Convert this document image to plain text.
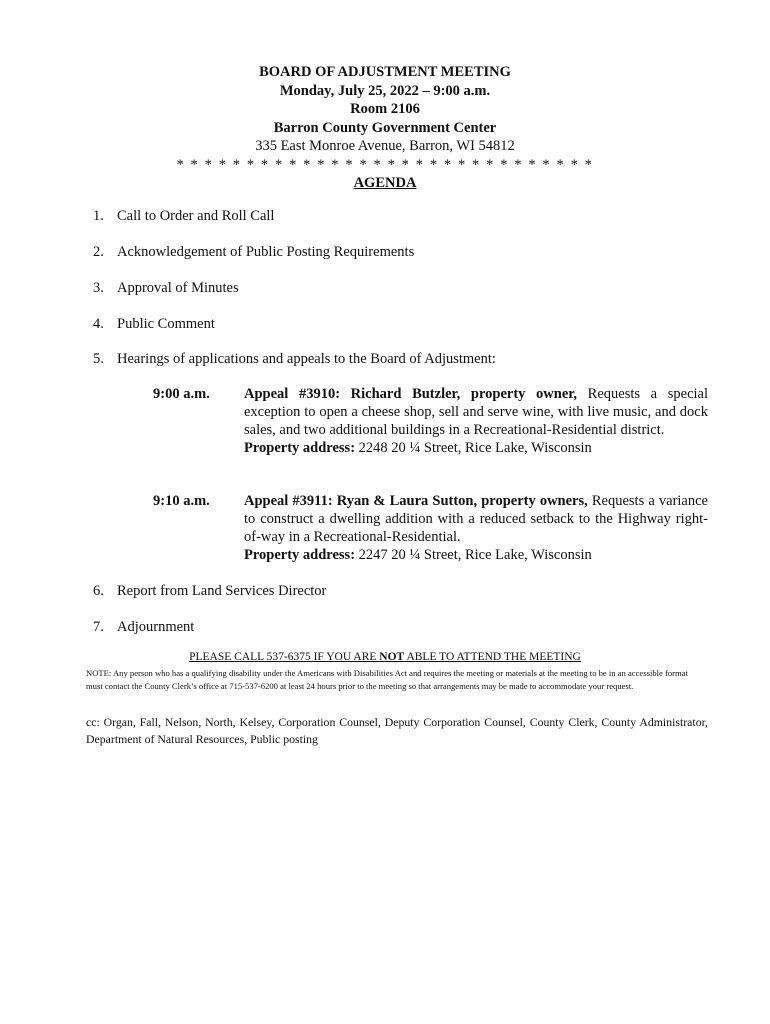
BOARD OF ADJUSTMENT MEETING
Monday, July 25, 2022 – 9:00 a.m.
Room 2106
Barron County Government Center
335 East Monroe Avenue, Barron, WI 54812
* * * * * * * * * * * * * * * * * * * * * * * * * * * * * *
AGENDA
1. Call to Order and Roll Call
2. Acknowledgement of Public Posting Requirements
3. Approval of Minutes
4. Public Comment
5. Hearings of applications and appeals to the Board of Adjustment:
9:00 a.m. Appeal #3910: Richard Butzler, property owner, Requests a special exception to open a cheese shop, sell and serve wine, with live music, and dock sales, and two additional buildings in a Recreational-Residential district.
Property address: 2248 20 ¼ Street, Rice Lake, Wisconsin
9:10 a.m. Appeal #3911: Ryan & Laura Sutton, property owners, Requests a variance to construct a dwelling addition with a reduced setback to the Highway right-of-way in a Recreational-Residential.
Property address: 2247 20 ¼ Street, Rice Lake, Wisconsin
6. Report from Land Services Director
7. Adjournment
PLEASE CALL 537-6375 IF YOU ARE NOT ABLE TO ATTEND THE MEETING
NOTE: Any person who has a qualifying disability under the Americans with Disabilities Act and requires the meeting or materials at the meeting to be in an accessible format must contact the County Clerk’s office at 715-537-6200 at least 24 hours prior to the meeting so that arrangements may be made to accommodate your request.
cc: Organ, Fall, Nelson, North, Kelsey, Corporation Counsel, Deputy Corporation Counsel, County Clerk, County Administrator, Department of Natural Resources, Public posting
